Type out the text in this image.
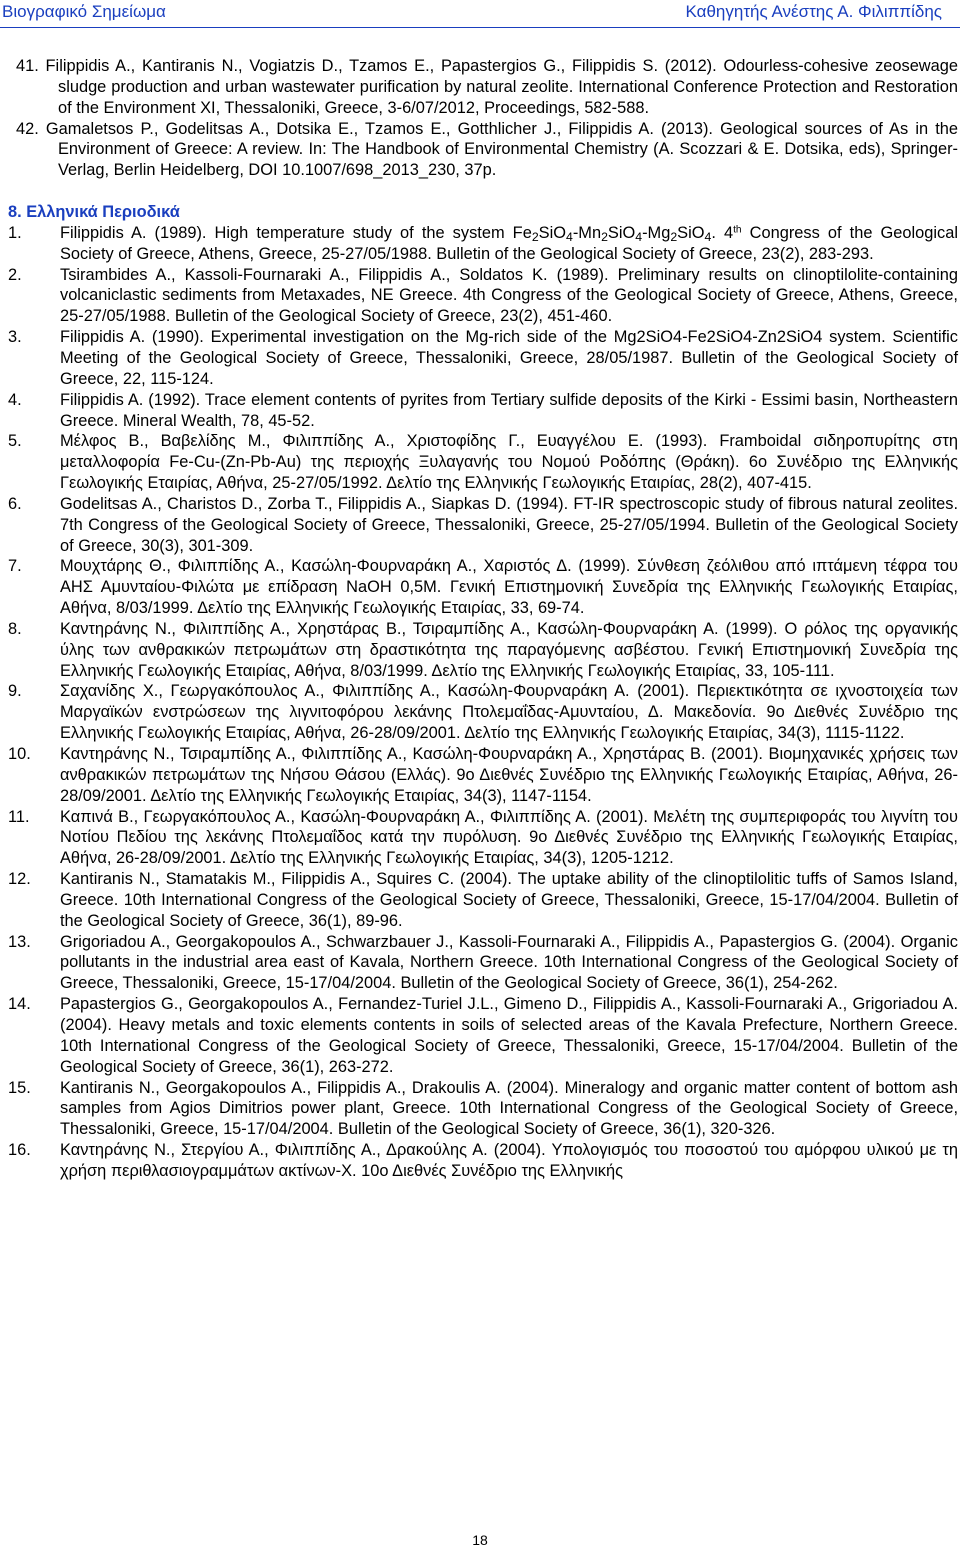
Βιογραφικό Σημείωμα	Καθηγητής Ανέστης Α. Φιλιππίδης
41. Filippidis A., Kantiranis N., Vogiatzis D., Tzamos E., Papastergios G., Filippidis S. (2012). Odourless-cohesive zeosewage sludge production and urban wastewater purification by natural zeolite. International Conference Protection and Restoration of the Environment XI, Thessaloniki, Greece, 3-6/07/2012, Proceedings, 582-588.
42. Gamaletsos P., Godelitsas A., Dotsika E., Tzamos E., Gotthlicher J., Filippidis A. (2013). Geological sources of As in the Environment of Greece: A review. In: The Handbook of Environmental Chemistry (A. Scozzari & E. Dotsika, eds), Springer-Verlag, Berlin Heidelberg, DOI 10.1007/698_2013_230, 37p.
8. Ελληνικά Περιοδικά
1. Filippidis A. (1989). High temperature study of the system $Fe_2SiO_4-Mn_2SiO_4-Mg_2SiO_4$. 4th Congress of the Geological Society of Greece, Athens, Greece, 25-27/05/1988. Bulletin of the Geological Society of Greece, 23(2), 283-293.
2. Tsirambides A., Kassoli-Fournaraki A., Filippidis A., Soldatos K. (1989). Preliminary results on clinoptilolite-containing volcaniclastic sediments from Metaxades, NE Greece. 4th Congress of the Geological Society of Greece, Athens, Greece, 25-27/05/1988. Bulletin of the Geological Society of Greece, 23(2), 451-460.
3. Filippidis A. (1990). Experimental investigation on the Mg-rich side of the Mg2SiO4-Fe2SiO4-Zn2SiO4 system. Scientific Meeting of the Geological Society of Greece, Thessaloniki, Greece, 28/05/1987. Bulletin of the Geological Society of Greece, 22, 115-124.
4. Filippidis A. (1992). Trace element contents of pyrites from Tertiary sulfide deposits of the Kirki - Essimi basin, Northeastern Greece. Mineral Wealth, 78, 45-52.
5. Μέλφος Β., Βαβελίδης Μ., Φιλιππίδης Α., Χριστοφίδης Γ., Ευαγγέλου Ε. (1993). Framboidal σιδηροπυρίτης στη μεταλλοφορία Fe-Cu-(Zn-Pb-Au) της περιοχής Ξυλαγανής του Νομού Ροδόπης (Θράκη). 6ο Συνέδριο της Ελληνικής Γεωλογικής Εταιρίας, Αθήνα, 25-27/05/1992. Δελτίο της Ελληνικής Γεωλογικής Εταιρίας, 28(2), 407-415.
6. Godelitsas A., Charistos D., Zorba T., Filippidis A., Siapkas D. (1994). FT-IR spectroscopic study of fibrous natural zeolites. 7th Congress of the Geological Society of Greece, Thessaloniki, Greece, 25-27/05/1994. Bulletin of the Geological Society of Greece, 30(3), 301-309.
7. Μουχτάρης Θ., Φιλιππίδης Α., Κασώλη-Φουρναράκη Α., Χαριστός Δ. (1999). Σύνθεση ζεόλιθου από ιπτάμενη τέφρα του ΑΗΣ Αμυνταίου-Φιλώτα με επίδραση NaOH 0,5M. Γενική Επιστημονική Συνεδρία της Ελληνικής Γεωλογικής Εταιρίας, Αθήνα, 8/03/1999. Δελτίο της Ελληνικής Γεωλογικής Εταιρίας, 33, 69-74.
8. Καντηράνης Ν., Φιλιππίδης Α., Χρηστάρας Β., Τσιραμπίδης Α., Κασώλη-Φουρναράκη Α. (1999). Ο ρόλος της οργανικής ύλης των ανθρακικών πετρωμάτων στη δραστικότητα της παραγόμενης ασβέστου. Γενική Επιστημονική Συνεδρία της Ελληνικής Γεωλογικής Εταιρίας, Αθήνα, 8/03/1999. Δελτίο της Ελληνικής Γεωλογικής Εταιρίας, 33, 105-111.
9. Σαχανίδης Χ., Γεωργακόπουλος Α., Φιλιππίδης Α., Κασώλη-Φουρναράκη Α. (2001). Περιεκτικότητα σε ιχνοστοιχεία των Μαργαϊκών ενστρώσεων της λιγνιτοφόρου λεκάνης Πτολεμαΐδας-Αμυνταίου, Δ. Μακεδονία. 9ο Διεθνές Συνέδριο της Ελληνικής Γεωλογικής Εταιρίας, Αθήνα, 26-28/09/2001. Δελτίο της Ελληνικής Γεωλογικής Εταιρίας, 34(3), 1115-1122.
10. Καντηράνης Ν., Τσιραμπίδης Α., Φιλιππίδης Α., Κασώλη-Φουρναράκη Α., Χρηστάρας Β. (2001). Βιομηχανικές χρήσεις των ανθρακικών πετρωμάτων της Νήσου Θάσου (Ελλάς). 9ο Διεθνές Συνέδριο της Ελληνικής Γεωλογικής Εταιρίας, Αθήνα, 26-28/09/2001. Δελτίο της Ελληνικής Γεωλογικής Εταιρίας, 34(3), 1147-1154.
11. Καπινά Β., Γεωργακόπουλος Α., Κασώλη-Φουρναράκη Α., Φιλιππίδης Α. (2001). Μελέτη της συμπεριφοράς του λιγνίτη του Νοτίου Πεδίου της λεκάνης Πτολεμαΐδος κατά την πυρόλυση. 9ο Διεθνές Συνέδριο της Ελληνικής Γεωλογικής Εταιρίας, Αθήνα, 26-28/09/2001. Δελτίο της Ελληνικής Γεωλογικής Εταιρίας, 34(3), 1205-1212.
12. Kantiranis N., Stamatakis M., Filippidis A., Squires C. (2004). The uptake ability of the clinoptilolitic tuffs of Samos Island, Greece. 10th International Congress of the Geological Society of Greece, Thessaloniki, Greece, 15-17/04/2004. Bulletin of the Geological Society of Greece, 36(1), 89-96.
13. Grigoriadou A., Georgakopoulos A., Schwarzbauer J., Kassoli-Fournaraki A., Filippidis A., Papastergios G. (2004). Organic pollutants in the industrial area east of Kavala, Northern Greece. 10th International Congress of the Geological Society of Greece, Thessaloniki, Greece, 15-17/04/2004. Bulletin of the Geological Society of Greece, 36(1), 254-262.
14. Papastergios G., Georgakopoulos A., Fernandez-Turiel J.L., Gimeno D., Filippidis A., Kassoli-Fournaraki A., Grigoriadou A. (2004). Heavy metals and toxic elements contents in soils of selected areas of the Kavala Prefecture, Northern Greece. 10th International Congress of the Geological Society of Greece, Thessaloniki, Greece, 15-17/04/2004. Bulletin of the Geological Society of Greece, 36(1), 263-272.
15. Kantiranis N., Georgakopoulos A., Filippidis A., Drakoulis A. (2004). Mineralogy and organic matter content of bottom ash samples from Agios Dimitrios power plant, Greece. 10th International Congress of the Geological Society of Greece, Thessaloniki, Greece, 15-17/04/2004. Bulletin of the Geological Society of Greece, 36(1), 320-326.
16. Καντηράνης Ν., Στεργίου Α., Φιλιππίδης Α., Δρακούλης Α. (2004). Υπολογισμός του ποσοστού του αμόρφου υλικού με τη χρήση περιθλασιογραμμάτων ακτίνων-Χ. 10ο Διεθνές Συνέδριο της Ελληνικής
18
